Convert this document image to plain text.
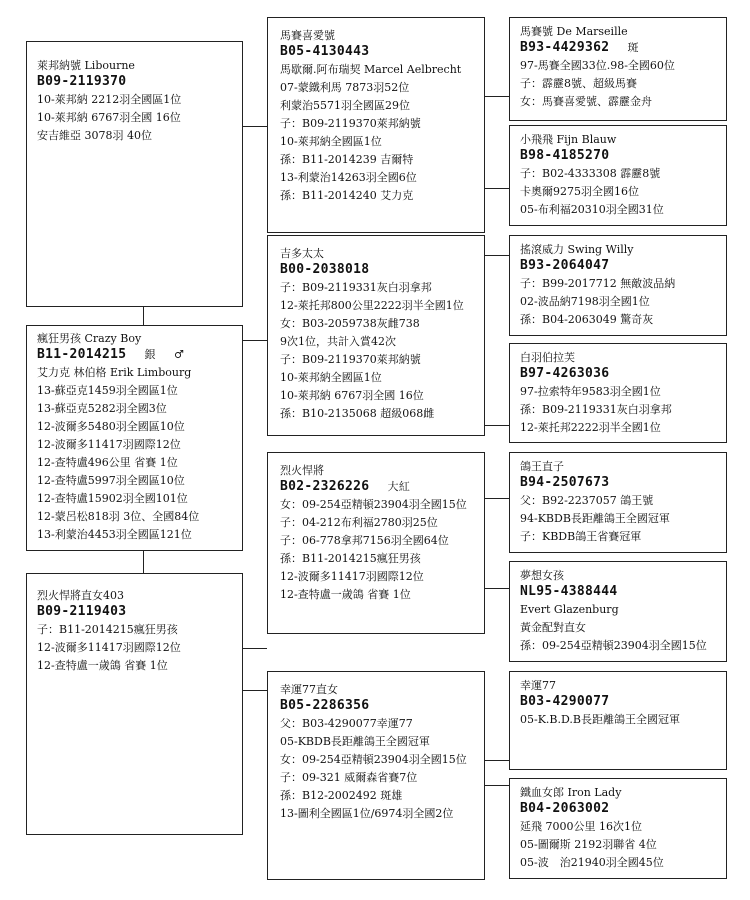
萊邦納號 Libourne
B09-2119370
10-萊邦納 2212羽全國區1位
10-萊邦納 6767羽全國 16位
安吉維亞 3078羽 40位
瘋狂男孩 Crazy Boy
B11-2014215 銀 ♂
艾力克 林伯格 Erik Limbourg
13-蘇亞克1459羽全國區1位
13-蘇亞克5282羽全國3位
12-波爾多5480羽全國區10位
12-波爾多11417羽國際12位
12-查特盧496公里 省賽 1位
12-查特盧5997羽全國區10位
12-查特盧15902羽全國101位
12-蒙呂松818羽 3位、全國84位
13-利蒙治4453羽全國區121位
烈火悍將直女403
B09-2119403
子：B11-2014215瘋狂男孩
12-波爾多11417羽國際12位
12-查特盧一歲鴿 省賽 1位
馬賽喜愛號
B05-4130443
馬歇爾.阿布瑞契 Marcel Aelbrecht
07-蒙鐵利馬 7873羽52位
利蒙治5571羽全國區29位
子：B09-2119370萊邦納號
10-萊邦納全國區1位
孫：B11-2014239 吉爾特
13-利蒙治14263羽全國6位
孫：B11-2014240 艾力克
吉多太太
B00-2038018
子：B09-2119331灰白羽拿邦
12-萊托邦800公里2222羽半全國1位
女：B03-2059738灰雌738
9次1位，共計入賞42次
子：B09-2119370萊邦納號
10-萊邦納全國區1位
10-萊邦納 6767羽全國 16位
孫：B10-2135068 超級068雌
烈火悍將
B02-2326226 大紅
女：09-254亞精頓23904羽全國15位
子：04-212布利福2780羽25位
子：06-778拿邦7156羽全國64位
孫：B11-2014215瘋狂男孩
12-波爾多11417羽國際12位
12-查特盧一歲鴿 省賽 1位
幸運77直女
B05-2286356
父：B03-4290077幸運77
05-KBDB長距離鴿王全國冠軍
女：09-254亞精頓23904羽全國15位
子：09-321 威爾森省賽7位
孫：B12-2002492 斑雄
13-圖利全國區1位/6974羽全國2位
馬賽號 De Marseille
B93-4429362 斑
97-馬賽全國33位.98-全國60位
子：霹靂8號、超級馬賽
女：馬賽喜愛號、霹靂金舟
小飛飛 Fijn Blauw
B98-4185270
子：B02-4333308 霹靂8號
卡奧爾9275羽全國16位
05-布利福20310羽全國31位
搖滾威力 Swing Willy
B93-2064047
子：B99-2017712 無敵波品納
02-波品納7198羽全國1位
孫：B04-2063049 驚奇灰
白羽伯拉芙
B97-4263036
97-拉索特年9583羽全國1位
孫：B09-2119331灰白羽拿邦
12-萊托邦2222羽半全國1位
鴿王直子
B94-2507673
父：B92-2237057 鴿王號
94-KBDB長距離鴿王全國冠軍
子：KBDB鴿王省賽冠軍
夢想女孩
NL95-4388444
Evert Glazenburg
黃金配對直女
孫：09-254亞精頓23904羽全國15位
幸運77
B03-4290077
05-K.B.D.B長距離鴿王全國冠軍
鐵血女郎 Iron Lady
B04-2063002
延飛 7000公里 16次1位
05-圖爾斯 2192羽聯省 4位
05-波　治21940羽全國45位
